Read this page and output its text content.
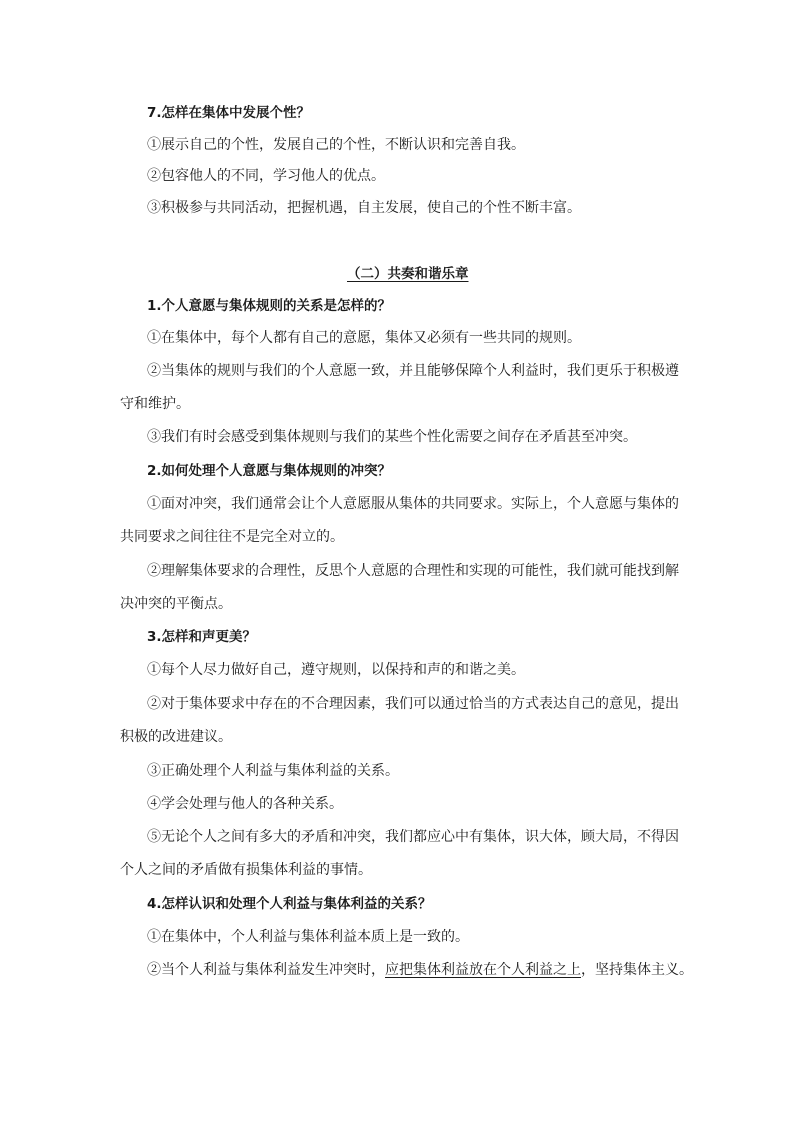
7.怎样在集体中发展个性？
①展示自己的个性，发展自己的个性，不断认识和完善自我。
②包容他人的不同，学习他人的优点。
③积极参与共同活动，把握机遇，自主发展，使自己的个性不断丰富。
（二）共奏和谐乐章
1.个人意愿与集体规则的关系是怎样的？
①在集体中，每个人都有自己的意愿，集体又必须有一些共同的规则。
②当集体的规则与我们的个人意愿一致，并且能够保障个人利益时，我们更乐于积极遵
守和维护。
③我们有时会感受到集体规则与我们的某些个性化需要之间存在矛盾甚至冲突。
2.如何处理个人意愿与集体规则的冲突？
①面对冲突，我们通常会让个人意愿服从集体的共同要求。实际上，个人意愿与集体的
共同要求之间往往不是完全对立的。
②理解集体要求的合理性，反思个人意愿的合理性和实现的可能性，我们就可能找到解
决冲突的平衡点。
3.怎样和声更美？
①每个人尽力做好自己，遵守规则，以保持和声的和谐之美。
②对于集体要求中存在的不合理因素，我们可以通过恰当的方式表达自己的意见，提出
积极的改进建议。
③正确处理个人利益与集体利益的关系。
④学会处理与他人的各种关系。
⑤无论个人之间有多大的矛盾和冲突，我们都应心中有集体，识大体，顾大局，不得因
个人之间的矛盾做有损集体利益的事情。
4.怎样认识和处理个人利益与集体利益的关系？
①在集体中，个人利益与集体利益本质上是一致的。
②当个人利益与集体利益发生冲突时，应把集体利益放在个人利益之上，坚持集体主义。
